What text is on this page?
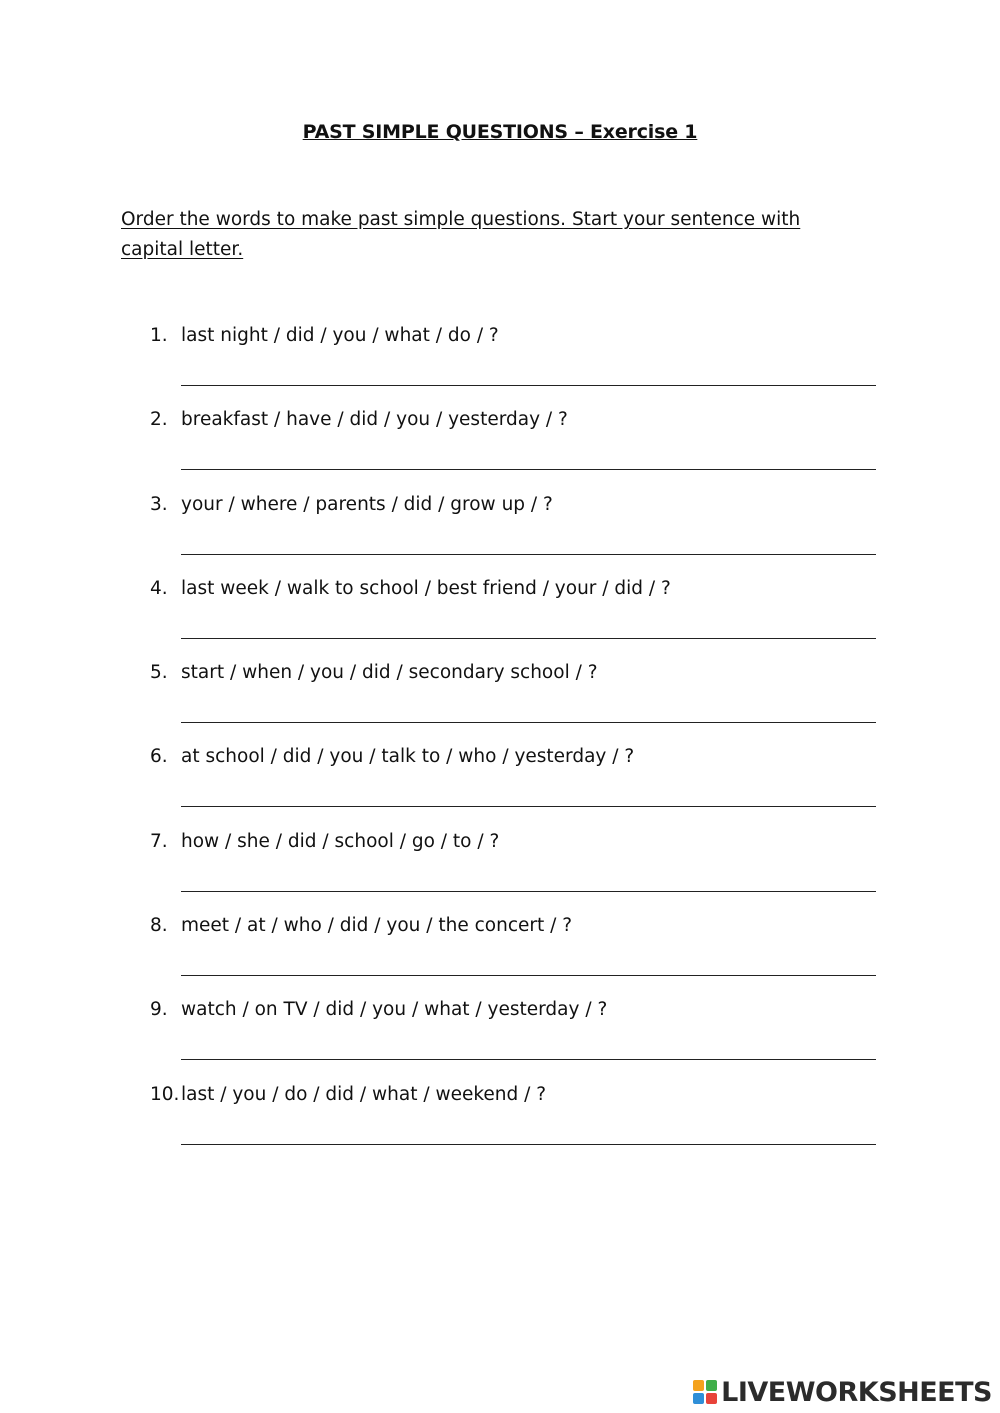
PAST SIMPLE QUESTIONS – Exercise 1
Order the words to make past simple questions. Start your sentence with capital letter.
1. last night / did / you / what / do / ?
2. breakfast / have / did / you / yesterday / ?
3. your / where / parents / did / grow up / ?
4. last week / walk to school / best friend / your / did / ?
5. start / when / you / did / secondary school / ?
6. at school / did / you / talk to / who / yesterday / ?
7. how / she / did / school / go / to / ?
8. meet / at / who / did / you / the concert / ?
9. watch / on TV / did / you / what / yesterday / ?
10. last / you / do / did / what / weekend / ?
LIVEWORKSHEETS
